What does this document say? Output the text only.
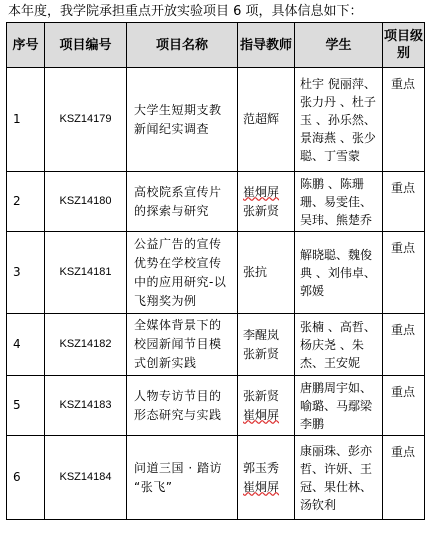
本年度，我学院承担重点开放实验项目 6 项，具体信息如下：
序号	项目编号	项目名称	指导教师	学生	项目级别
1	KSZ14179	大学生短期支教
新闻纪实调查	范超辉	杜宇 倪丽萍、
张力丹 、杜子
玉 、孙乐然、
景海燕 、张少
聪、丁雪蒙	重点
2	KSZ14180	高校院系宣传片
的探索与研究	崔炯屏
张新贤	陈鹏 、陈珊
珊、易雯佳、
吴玮、熊楚乔	重点
3	KSZ14181	公益广告的宣传
优势在学校宣传
中的应用研究-以
飞翔奖为例	张抗	解晓聪、魏俊
典 、刘伟卓、
郭媛	重点
4	KSZ14182	全媒体背景下的
校园新闻节目模
式创新实践	李醒岚
张新贤	张楠 、高哲、
杨庆尧 、朱
杰、王安妮	重点
5	KSZ14183	人物专访节目的
形态研究与实践	张新贤
崔炯屏	唐鹏周宇如、
喻璐、马鄢梁
李鹏	重点
6	KSZ14184	问道三国 · 踏访
“张飞”	郭玉秀
崔炯屏	康丽珠、彭亦
哲、许妍、王
冠、果仕林、
汤钦利	重点
